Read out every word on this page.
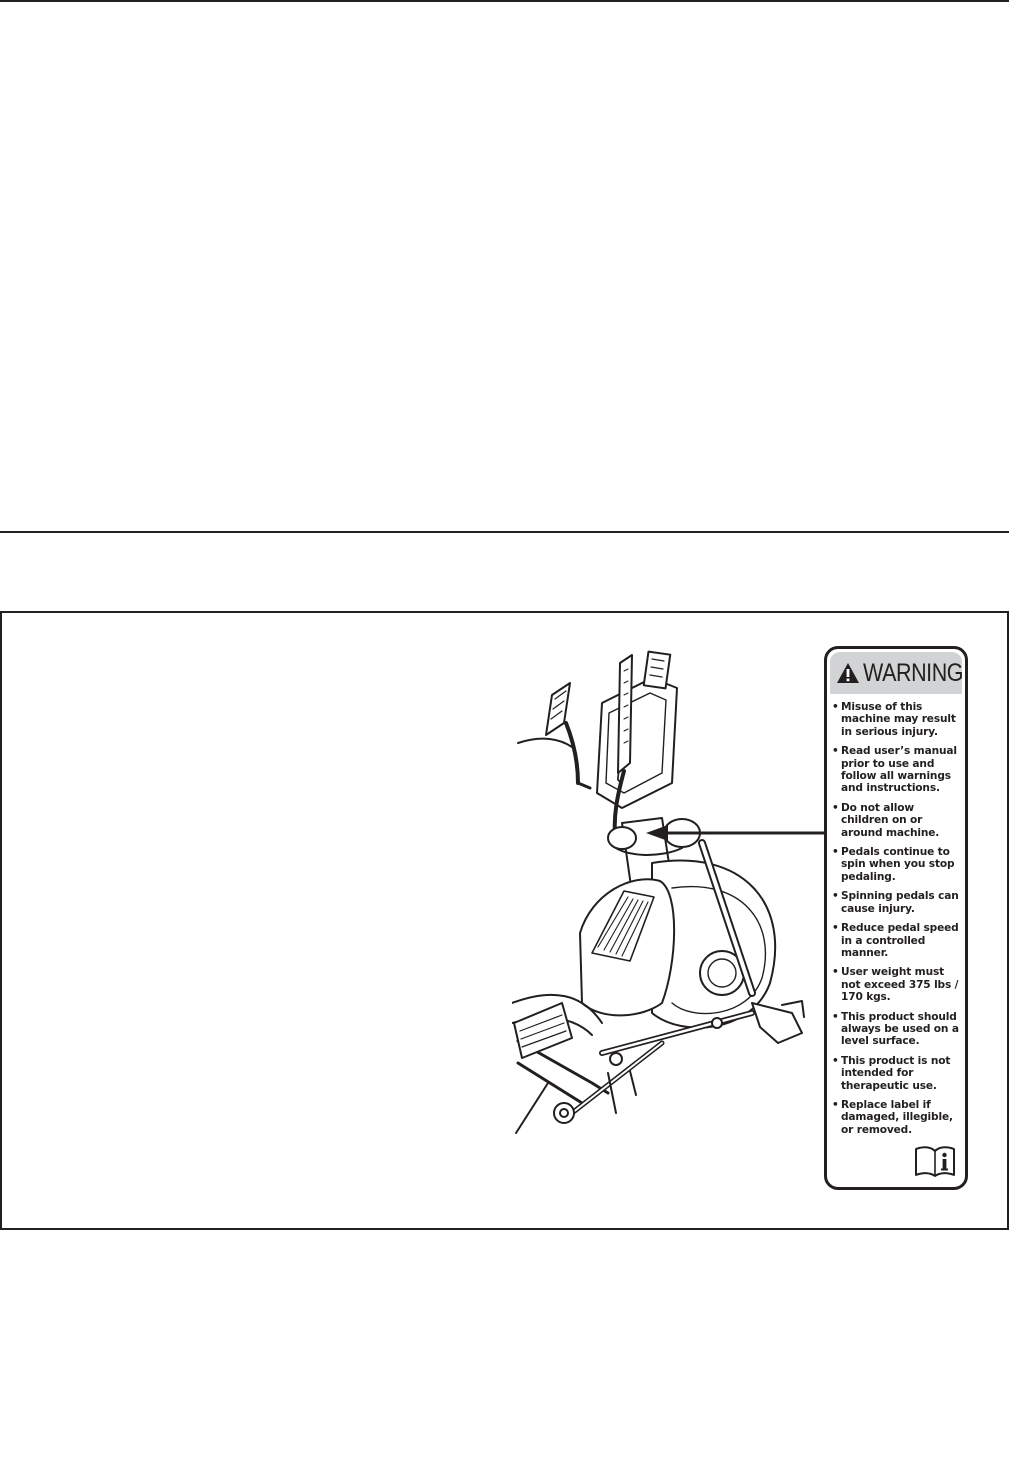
WARNING
• Misuse of this machine may result in serious injury.
• Read user’s manual prior to use and follow all warnings and instructions.
• Do not allow children on or around machine.
• Pedals continue to spin when you stop pedaling.
• Spinning pedals can cause injury.
• Reduce pedal speed in a controlled manner.
• User weight must not exceed 375 lbs / 170 kgs.
• This product should always be used on a level surface.
• This product is not intended for therapeutic use.
• Replace label if damaged, illegible, or removed.
